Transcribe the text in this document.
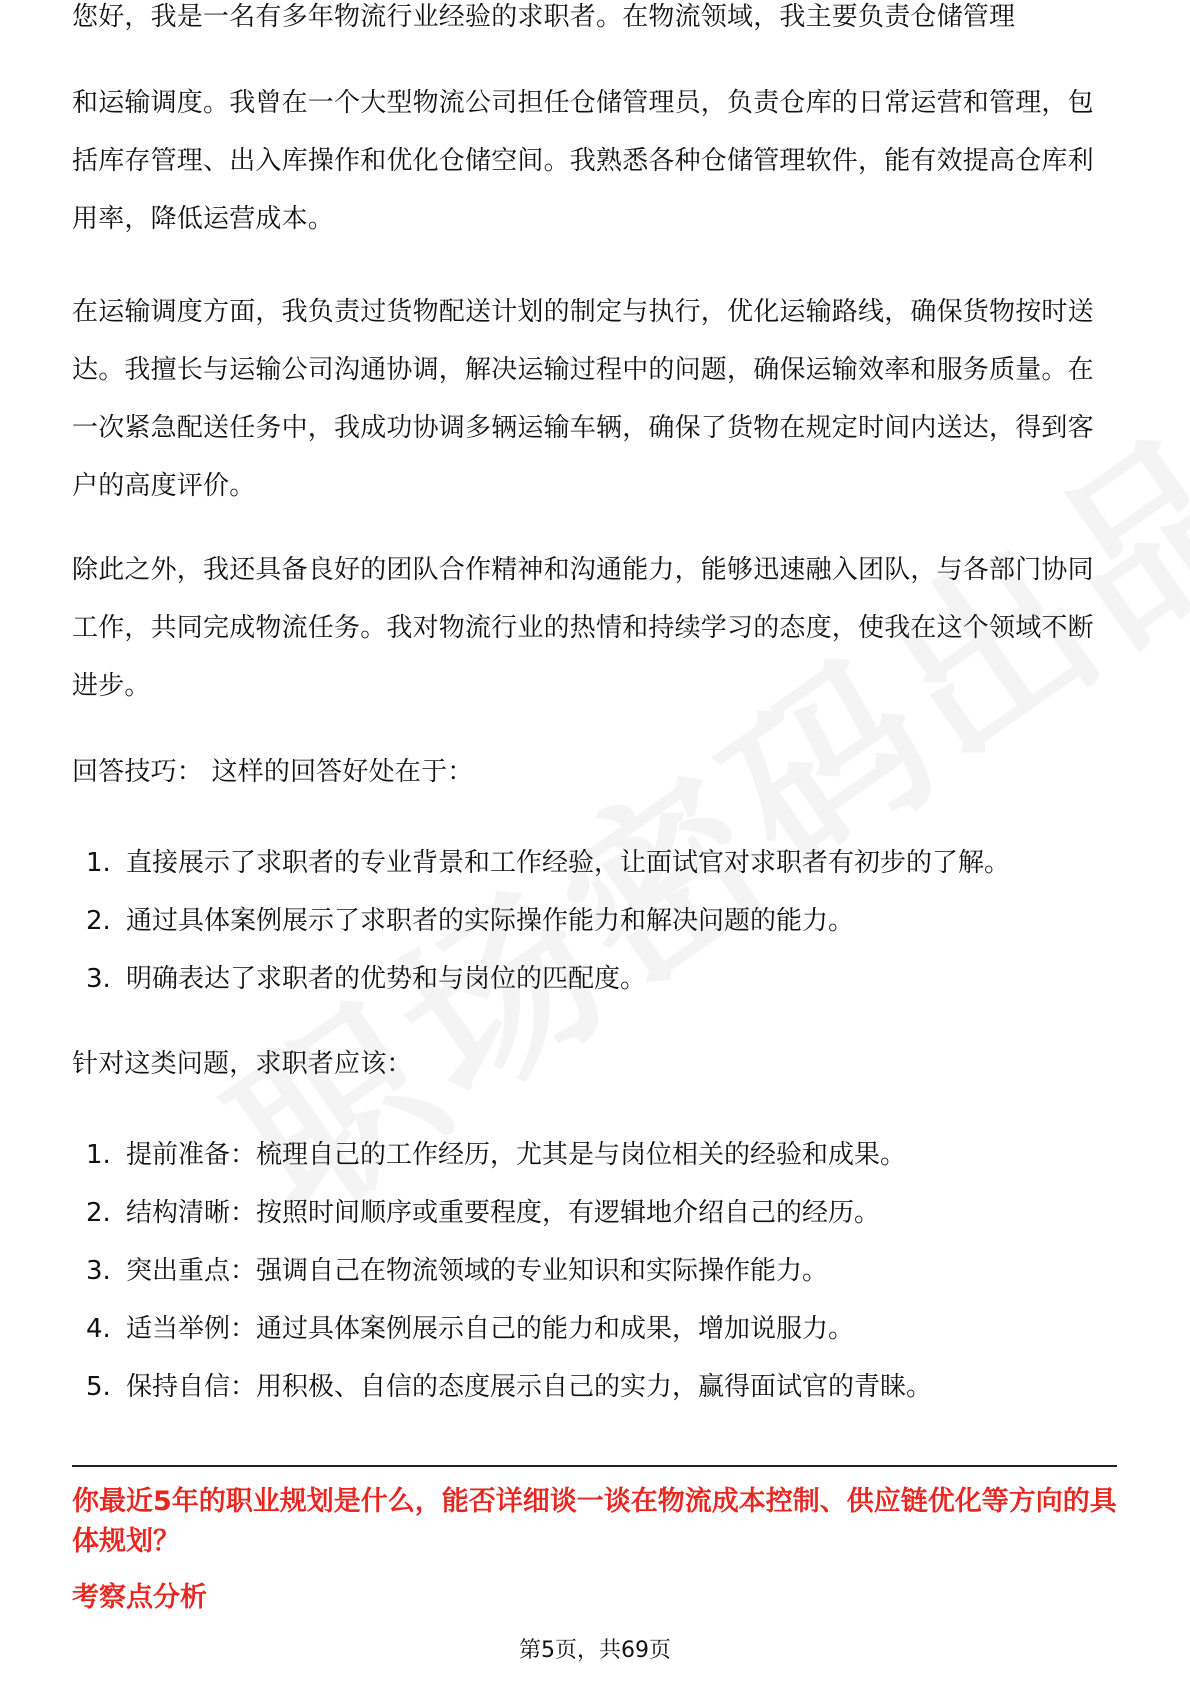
您好，我是一名有多年物流行业经验的求职者。在物流领域，我主要负责仓储管理

和运输调度。我曾在一个大型物流公司担任仓储管理员，负责仓库的日常运营和管理，包括库存管理、出入库操作和优化仓储空间。我熟悉各种仓储管理软件，能有效提高仓库利用率，降低运营成本。

在运输调度方面，我负责过货物配送计划的制定与执行，优化运输路线，确保货物按时送达。我擅长与运输公司沟通协调，解决运输过程中的问题，确保运输效率和服务质量。在一次紧急配送任务中，我成功协调多辆运输车辆，确保了货物在规定时间内送达，得到客户的高度评价。

除此之外，我还具备良好的团队合作精神和沟通能力，能够迅速融入团队，与各部门协同工作，共同完成物流任务。我对物流行业的热情和持续学习的态度，使我在这个领域不断进步。

回答技巧： 这样的回答好处在于：

1. 直接展示了求职者的专业背景和工作经验，让面试官对求职者有初步的了解。
2. 通过具体案例展示了求职者的实际操作能力和解决问题的能力。
3. 明确表达了求职者的优势和与岗位的匹配度。

针对这类问题，求职者应该：

1. 提前准备：梳理自己的工作经历，尤其是与岗位相关的经验和成果。
2. 结构清晰：按照时间顺序或重要程度，有逻辑地介绍自己的经历。
3. 突出重点：强调自己在物流领域的专业知识和实际操作能力。
4. 适当举例：通过具体案例展示自己的能力和成果，增加说服力。
5. 保持自信：用积极、自信的态度展示自己的实力，赢得面试官的青睐。

你最近5年的职业规划是什么，能否详细谈一谈在物流成本控制、供应链优化等方向的具体规划？

考察点分析

第5页，共69页
